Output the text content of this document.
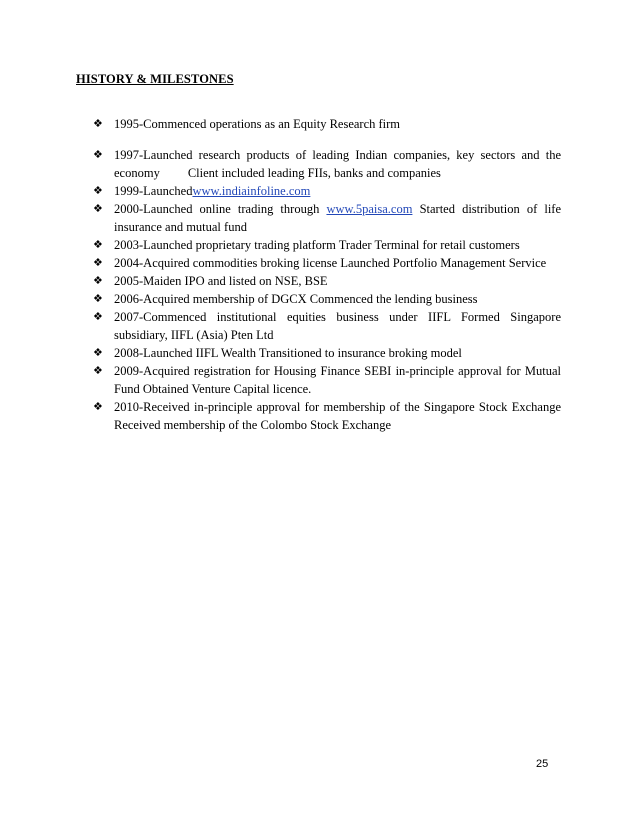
HISTORY & MILESTONES
❖ 1995-Commenced operations as an Equity Research firm
❖ 1997-Launched research products of leading Indian companies, key sectors and the economy Client included leading FIIs, banks and companies
❖ 1999-Launchedwww.indiainfoline.com
❖ 2000-Launched online trading through www.5paisa.com Started distribution of life insurance and mutual fund
❖ 2003-Launched proprietary trading platform Trader Terminal for retail customers
❖ 2004-Acquired commodities broking license Launched Portfolio Management Service
❖ 2005-Maiden IPO and listed on NSE, BSE
❖ 2006-Acquired membership of DGCX Commenced the lending business
❖ 2007-Commenced institutional equities business under IIFL Formed Singapore subsidiary, IIFL (Asia) Pten Ltd
❖ 2008-Launched IIFL Wealth Transitioned to insurance broking model
❖ 2009-Acquired registration for Housing Finance SEBI in-principle approval for Mutual Fund Obtained Venture Capital licence.
❖ 2010-Received in-principle approval for membership of the Singapore Stock Exchange Received membership of the Colombo Stock Exchange
25
